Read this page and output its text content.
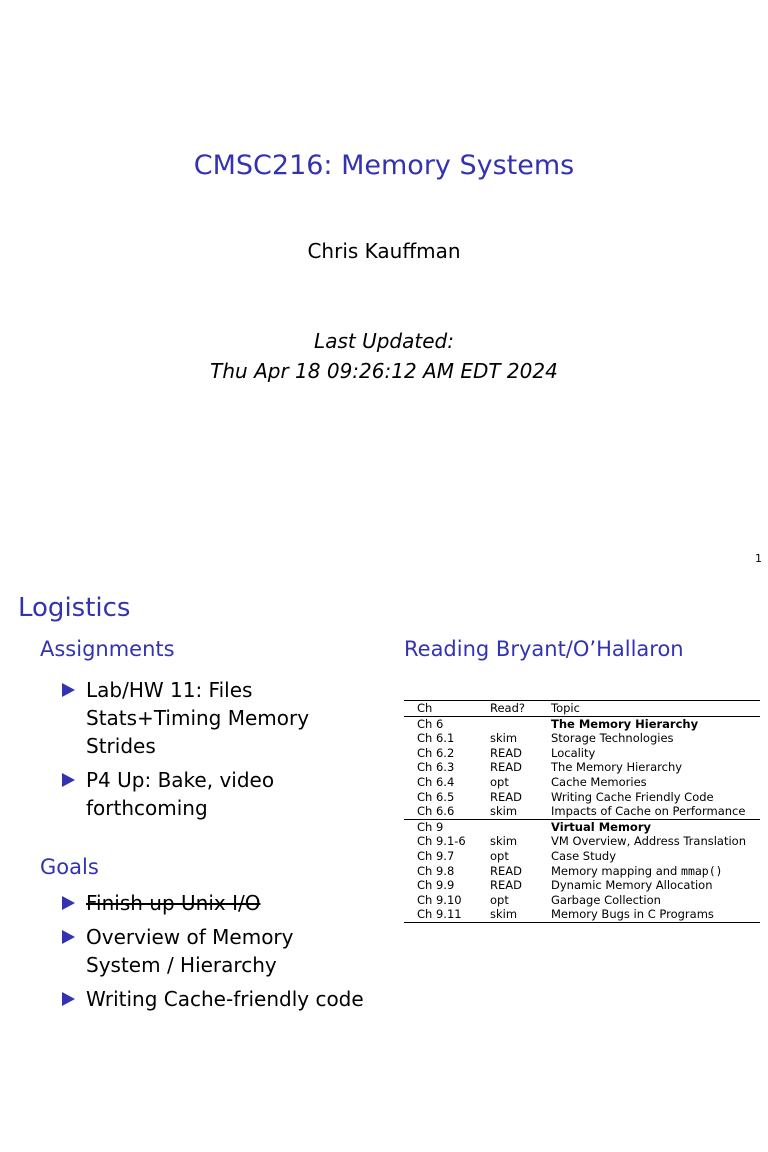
CMSC216: Memory Systems
Chris Kauffman
Last Updated:
Thu Apr 18 09:26:12 AM EDT 2024
1
Logistics
Assignments
Lab/HW 11: Files Stats+Timing Memory Strides
P4 Up: Bake, video forthcoming
Goals
Finish up Unix I/O
Overview of Memory System / Hierarchy
Writing Cache-friendly code
Reading Bryant/O’Hallaron
Ch	Read?	Topic
Ch 6		The Memory Hierarchy
Ch 6.1	skim	Storage Technologies
Ch 6.2	READ	Locality
Ch 6.3	READ	The Memory Hierarchy
Ch 6.4	opt	Cache Memories
Ch 6.5	READ	Writing Cache Friendly Code
Ch 6.6	skim	Impacts of Cache on Performance
Ch 9		Virtual Memory
Ch 9.1-6	skim	VM Overview, Address Translation
Ch 9.7	opt	Case Study
Ch 9.8	READ	Memory mapping and mmap()
Ch 9.9	READ	Dynamic Memory Allocation
Ch 9.10	opt	Garbage Collection
Ch 9.11	skim	Memory Bugs in C Programs
